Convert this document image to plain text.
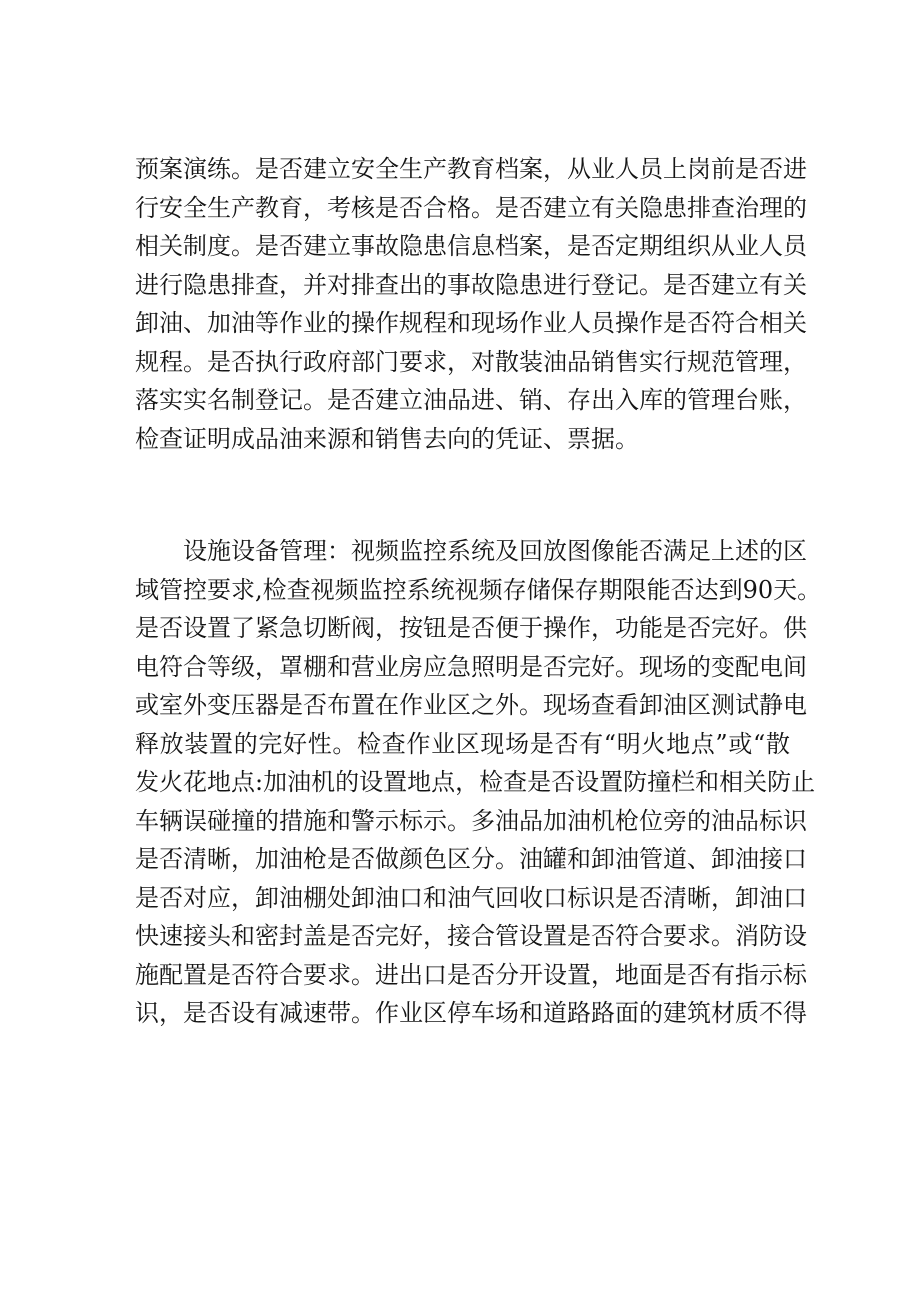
预案演练。是否建立安全生产教育档案，从业人员上岗前是否进
行安全生产教育，考核是否合格。是否建立有关隐患排查治理的
相关制度。是否建立事故隐患信息档案，是否定期组织从业人员
进行隐患排查，并对排查出的事故隐患进行登记。是否建立有关
卸油、加油等作业的操作规程和现场作业人员操作是否符合相关
规程。是否执行政府部门要求，对散装油品销售实行规范管理，
落实实名制登记。是否建立油品进、销、存出入库的管理台账，
检查证明成品油来源和销售去向的凭证、票据。
设施设备管理：视频监控系统及回放图像能否满足上述的区
域管控要求,检查视频监控系统视频存储保存期限能否达到90天。
是否设置了紧急切断阀，按钮是否便于操作，功能是否完好。供
电符合等级，罩棚和营业房应急照明是否完好。现场的变配电间
或室外变压器是否布置在作业区之外。现场查看卸油区测试静电
释放装置的完好性。检查作业区现场是否有“明火地点”或“散
发火花地点:加油机的设置地点，检查是否设置防撞栏和相关防止
车辆误碰撞的措施和警示标示。多油品加油机枪位旁的油品标识
是否清晰，加油枪是否做颜色区分。油罐和卸油管道、卸油接口
是否对应，卸油棚处卸油口和油气回收口标识是否清晰，卸油口
快速接头和密封盖是否完好，接合管设置是否符合要求。消防设
施配置是否符合要求。进出口是否分开设置，地面是否有指示标
识，是否设有减速带。作业区停车场和道路路面的建筑材质不得
